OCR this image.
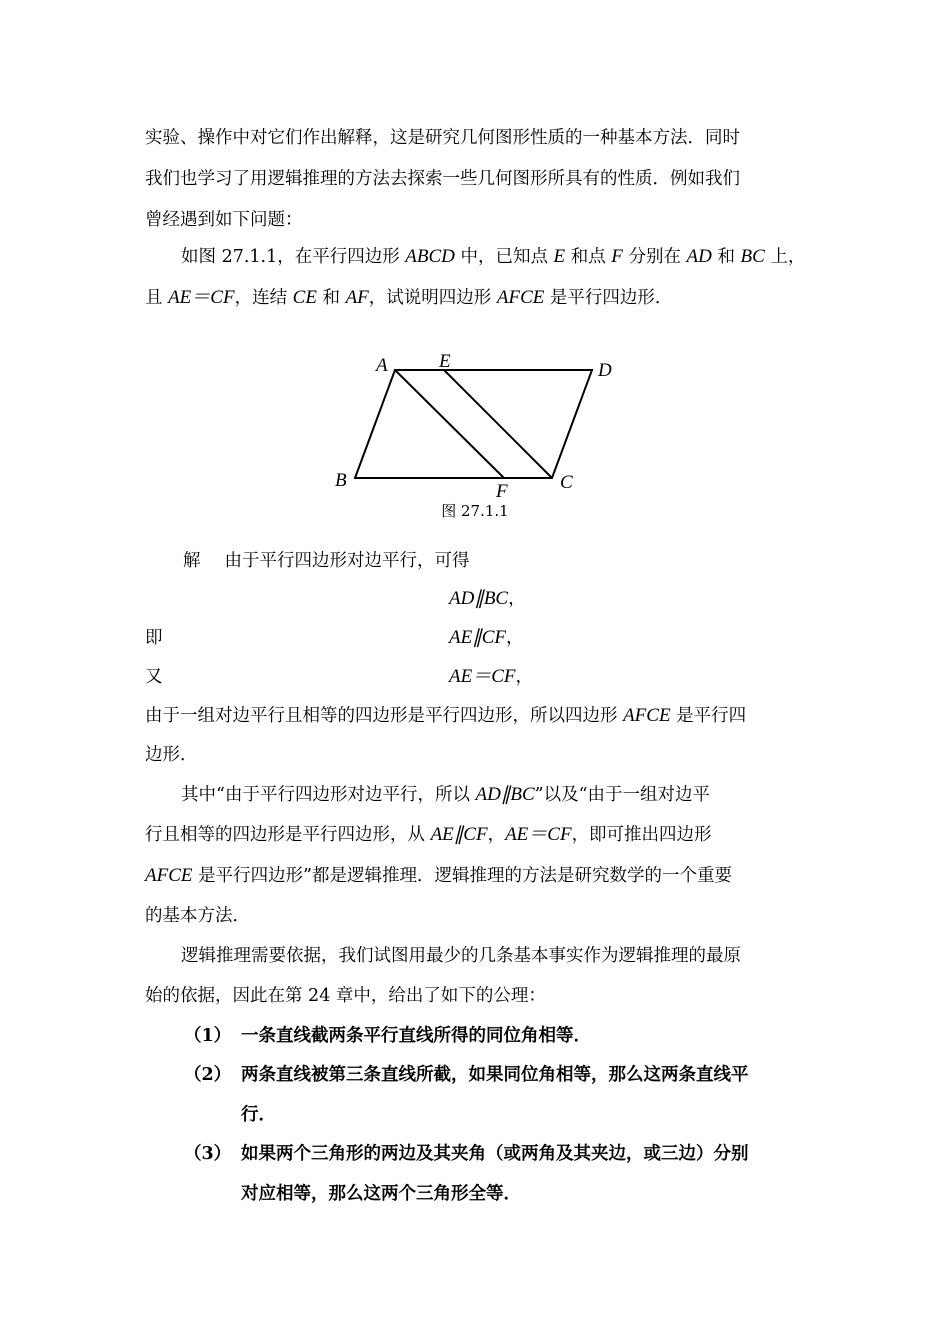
实验、操作中对它们作出解释，这是研究几何图形性质的一种基本方法．同时
我们也学习了用逻辑推理的方法去探索一些几何图形所具有的性质．例如我们
曾经遇到如下问题：
如图 27.1.1，在平行四边形 ABCD 中，已知点 E 和点 F 分别在 AD 和 BC 上，
且 AE＝CF，连结 CE 和 AF，试说明四边形 AFCE 是平行四边形．
A	E	D
B
F	C
图 27.1.1
解 由于平行四边形对边平行，可得
AD∥BC，
即	AE∥CF，
又	AE＝CF，
由于一组对边平行且相等的四边形是平行四边形，所以四边形 AFCE 是平行四
边形．
其中“由于平行四边形对边平行，所以 AD∥BC”以及“由于一组对边平
行且相等的四边形是平行四边形，从 AE∥CF，AE＝CF，即可推出四边形
AFCE 是平行四边形”都是逻辑推理．逻辑推理的方法是研究数学的一个重要
的基本方法．
逻辑推理需要依据，我们试图用最少的几条基本事实作为逻辑推理的最原
始的依据，因此在第 24 章中，给出了如下的公理：
（1） 一条直线截两条平行直线所得的同位角相等．
（2） 两条直线被第三条直线所截，如果同位角相等，那么这两条直线平
行．
（3） 如果两个三角形的两边及其夹角（或两角及其夹边，或三边）分别
对应相等，那么这两个三角形全等．
